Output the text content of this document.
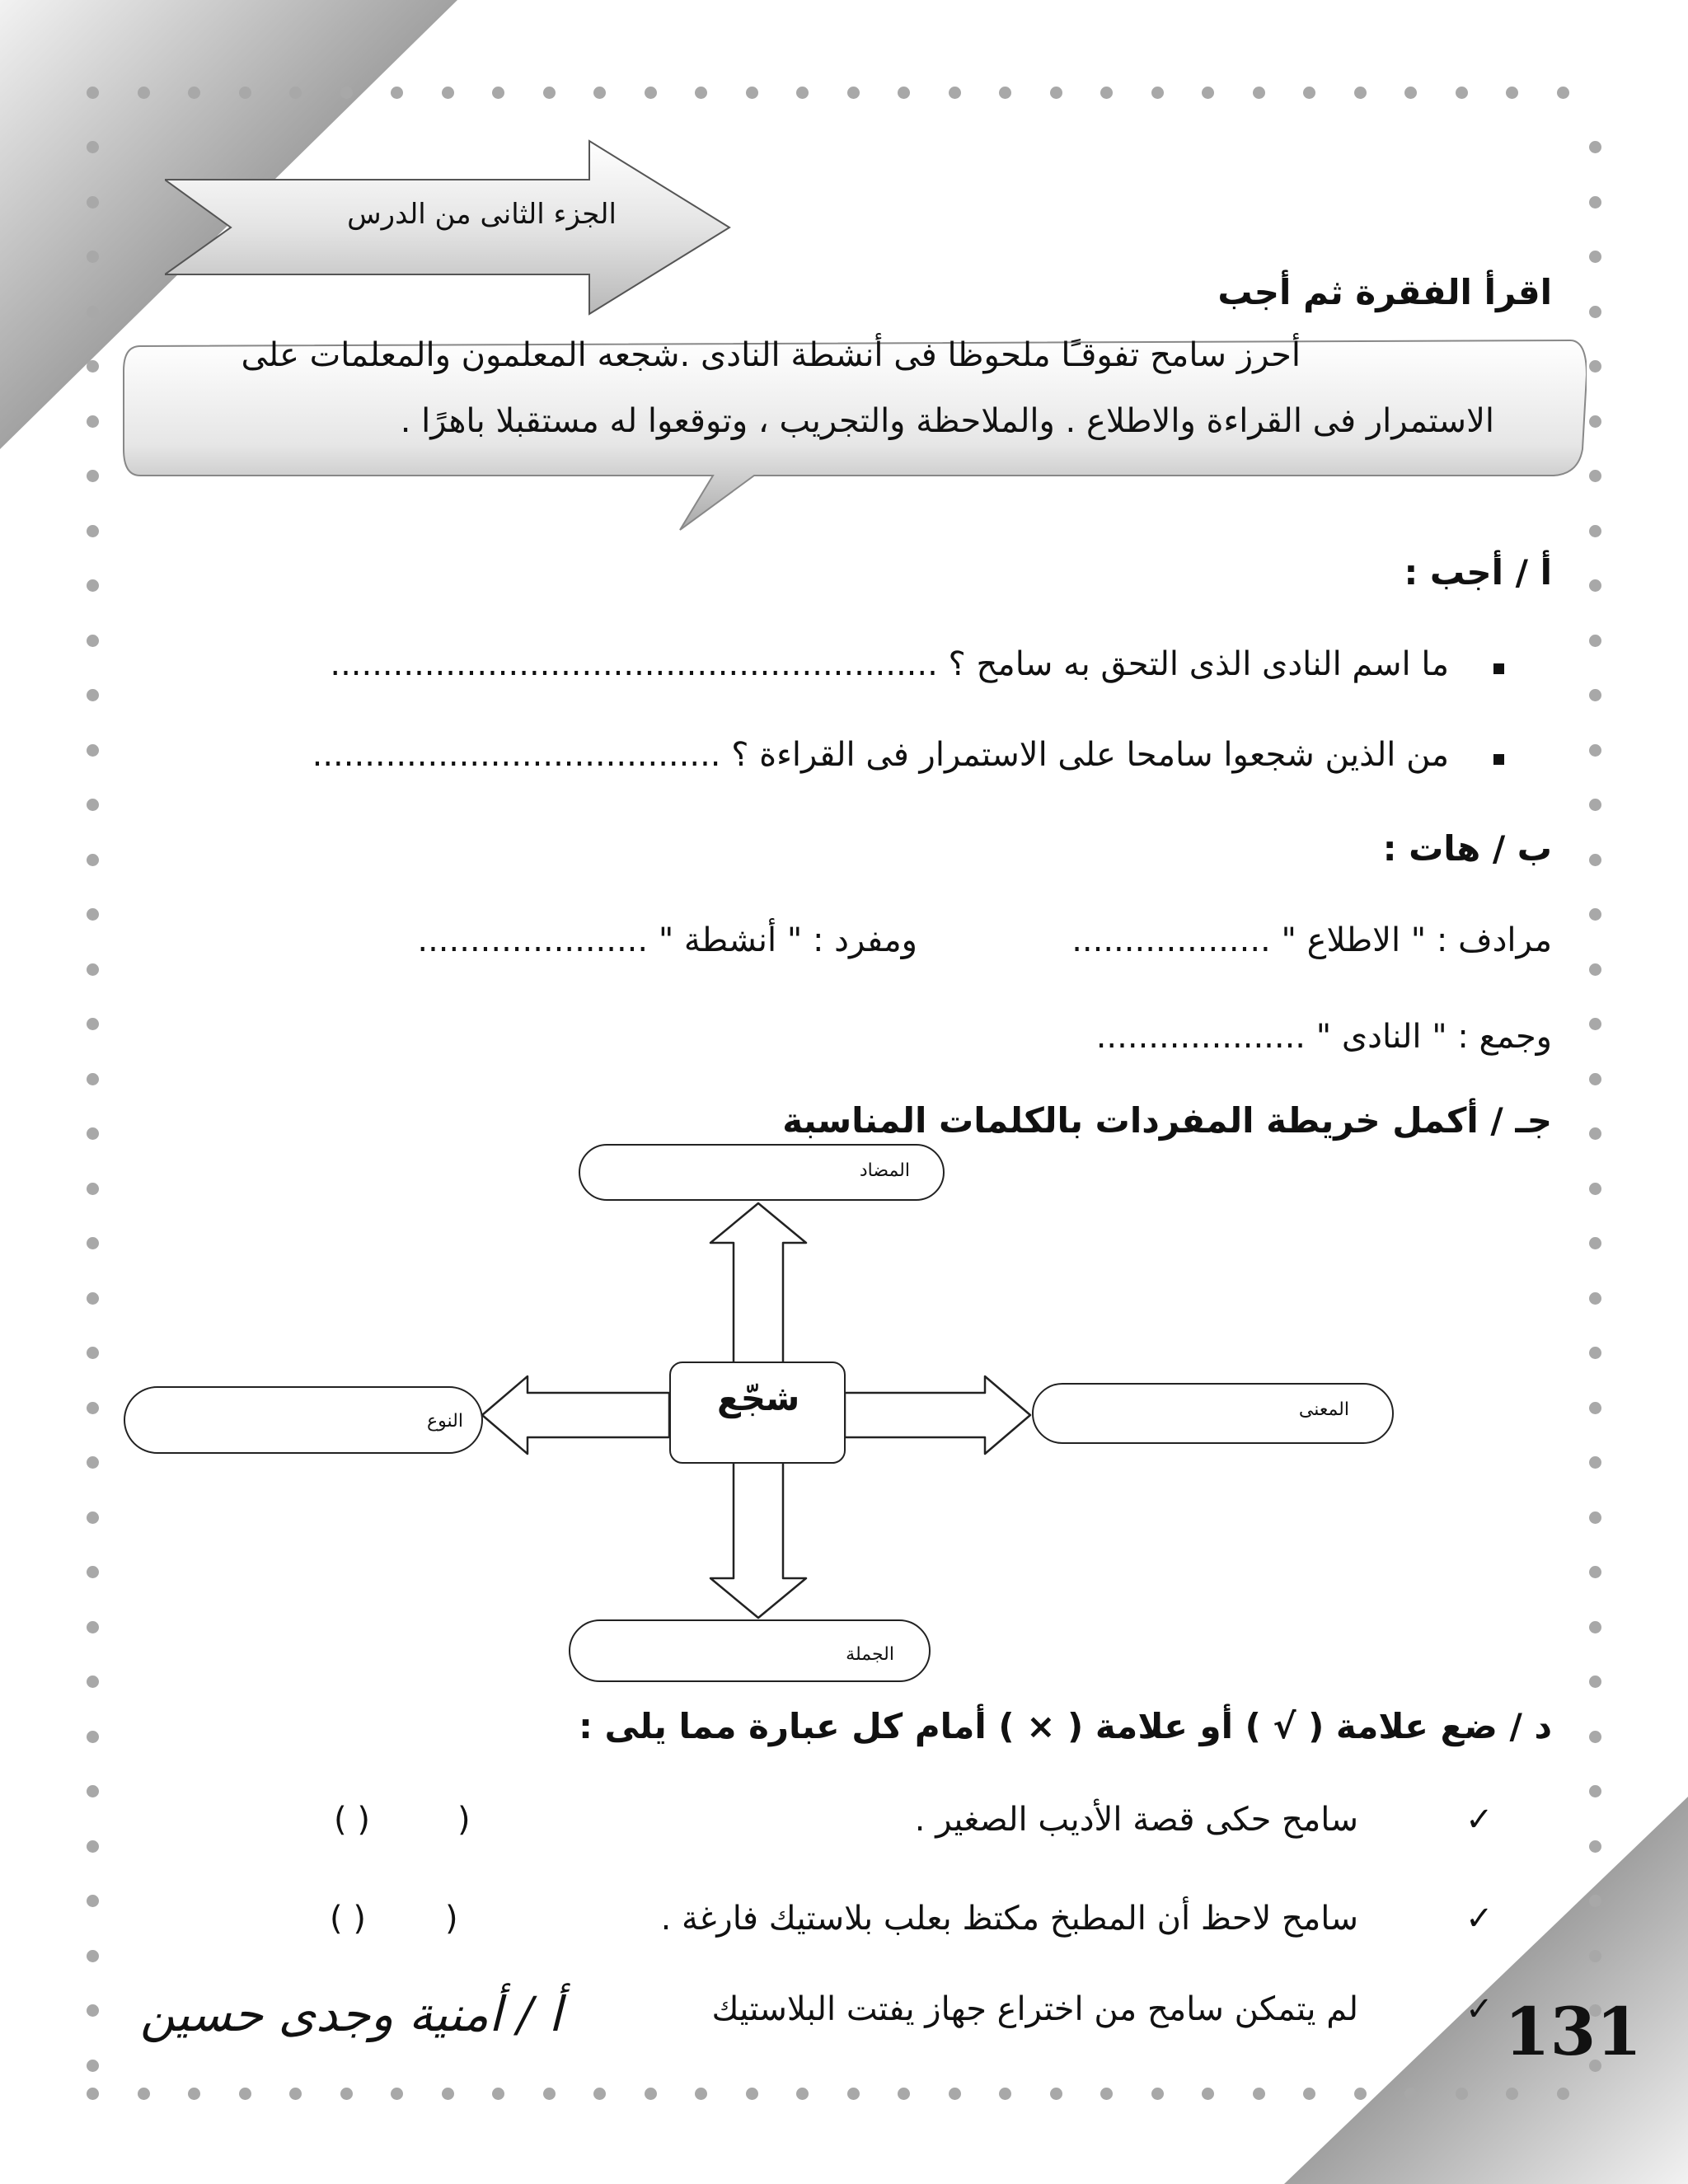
الجزء الثانى من الدرس
اقرأ الفقرة ثم أجب
أحرز سامح تفوقـًا ملحوظا فى أنشطة النادى .شجعه المعلمون والمعلمات على
الاستمرار فى القراءة والاطلاع . والملاحظة والتجريب ، وتوقعوا له مستقبلا باهرًا .
أ / أجب :
ما اسم النادى الذى التحق به سامح ؟ ..........................................................
من الذين شجعوا سامحا على الاستمرار فى القراءة ؟ .......................................
ب / هات :
مرادف : " الاطلاع " ...................
ومفرد : " أنشطة " ......................
وجمع : " النادى " ....................
جـ / أكمل خريطة المفردات بالكلمات المناسبة
شجّع
المضاد
المعنى
النوع
الجملة
د / ضع علامة ( √ ) أو علامة ( × ) أمام كل عبارة مما يلى :
✓
سامح حكى قصة الأديب الصغير .
( )	(
✓
سامح لاحظ أن المطبخ مكتظ بعلب بلاستيك فارغة .
( ) (
✓
لم يتمكن سامح من اختراع جهاز يفتت البلاستيك
أ / أمنية وجدى حسين	131
